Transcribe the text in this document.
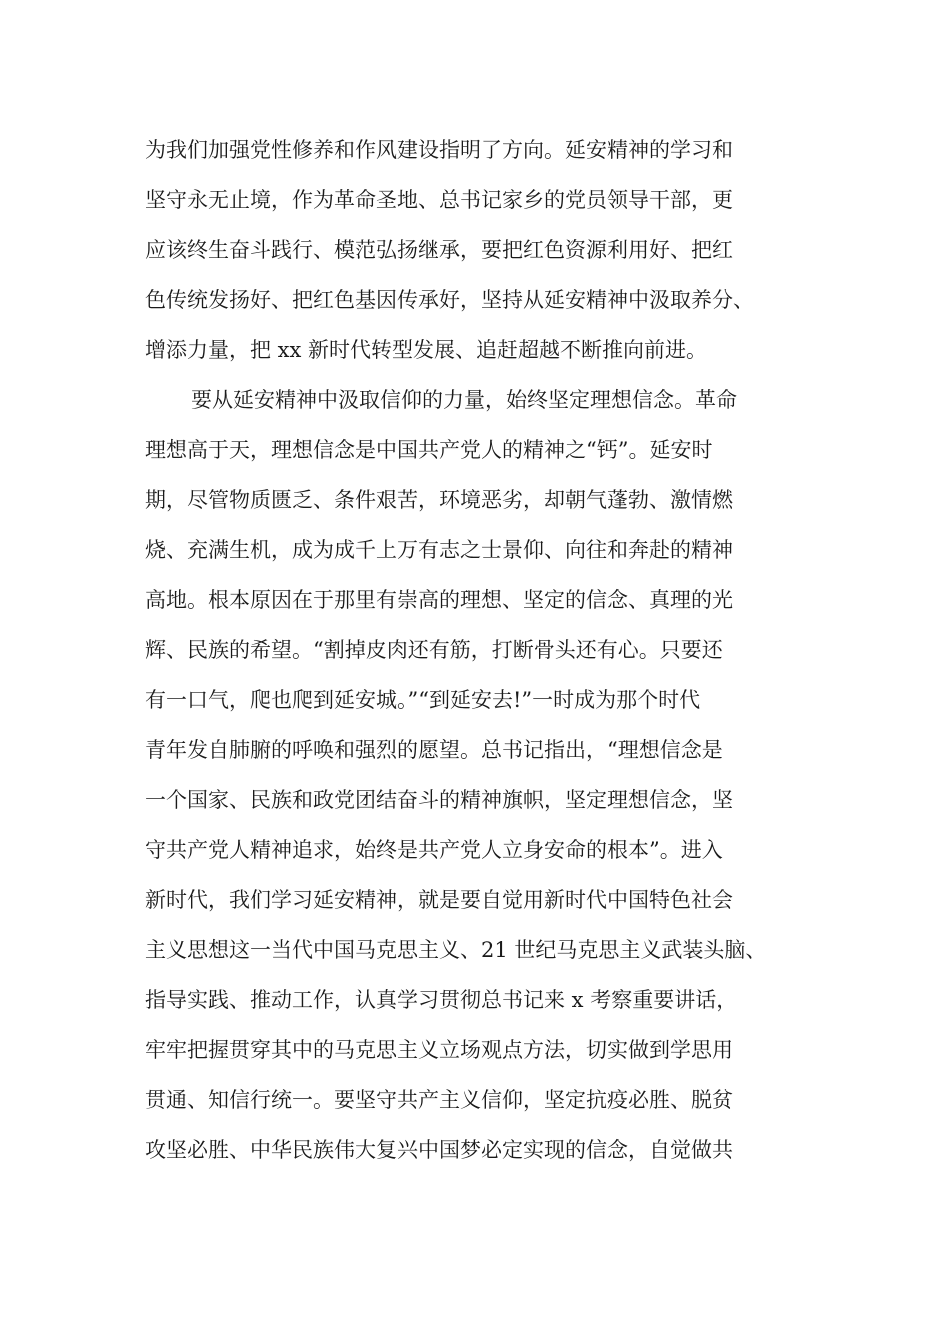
为我们加强党性修养和作风建设指明了方向。延安精神的学习和
坚守永无止境，作为革命圣地、总书记家乡的党员领导干部，更
应该终生奋斗践行、模范弘扬继承，要把红色资源利用好、把红
色传统发扬好、把红色基因传承好，坚持从延安精神中汲取养分、
增添力量，把 xx 新时代转型发展、追赶超越不断推向前进。
要从延安精神中汲取信仰的力量，始终坚定理想信念。革命
理想高于天，理想信念是中国共产党人的精神之“钙”。延安时
期，尽管物质匮乏、条件艰苦，环境恶劣，却朝气蓬勃、激情燃
烧、充满生机，成为成千上万有志之士景仰、向往和奔赴的精神
高地。根本原因在于那里有崇高的理想、坚定的信念、真理的光
辉、民族的希望。“割掉皮肉还有筋，打断骨头还有心。只要还
有一口气，爬也爬到延安城。”“到延安去!”一时成为那个时代
青年发自肺腑的呼唤和强烈的愿望。总书记指出，“理想信念是
一个国家、民族和政党团结奋斗的精神旗帜，坚定理想信念，坚
守共产党人精神追求，始终是共产党人立身安命的根本”。进入
新时代，我们学习延安精神，就是要自觉用新时代中国特色社会
主义思想这一当代中国马克思主义、21 世纪马克思主义武装头脑、
指导实践、推动工作，认真学习贯彻总书记来 x 考察重要讲话，
牢牢把握贯穿其中的马克思主义立场观点方法，切实做到学思用
贯通、知信行统一。要坚守共产主义信仰，坚定抗疫必胜、脱贫
攻坚必胜、中华民族伟大复兴中国梦必定实现的信念，自觉做共
